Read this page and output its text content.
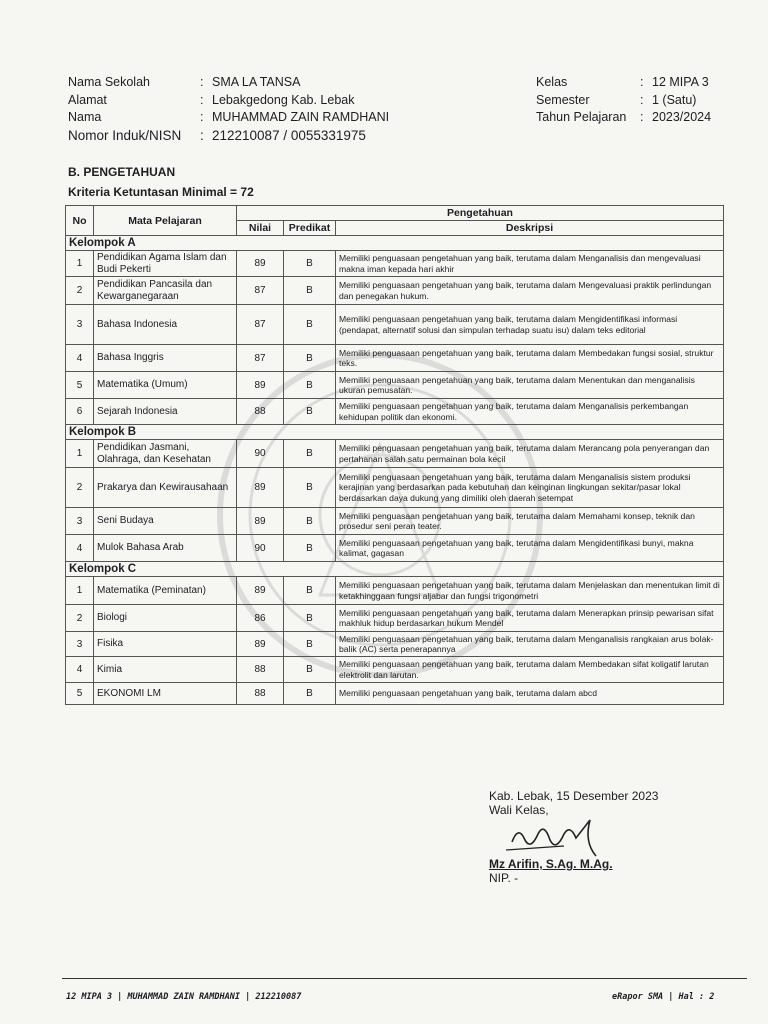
Nama Sekolah	: SMA LA TANSA
Alamat	: Lebakgedong Kab. Lebak
Nama	: MUHAMMAD ZAIN RAMDHANI
Nomor Induk/NISN	: 212210087 / 0055331975
Kelas	: 12 MIPA 3
Semester	: 1 (Satu)
Tahun Pelajaran	: 2023/2024
B. PENGETAHUAN
Kriteria Ketuntasan Minimal = 72
No	Mata Pelajaran	Pengetahuan		
		Nilai	Predikat	Deskripsi
Kelompok A				
1	Pendidikan Agama Islam dan Budi Pekerti	89	B	Memiliki penguasaan pengetahuan yang baik, terutama dalam Menganalisis dan mengevaluasi makna iman kepada hari akhir
2	Pendidikan Pancasila dan Kewarganegaraan	87	B	Memiliki penguasaan pengetahuan yang baik, terutama dalam Mengevaluasi praktik perlindungan dan penegakan hukum.
3	Bahasa Indonesia	87	B	Memiliki penguasaan pengetahuan yang baik, terutama dalam Mengidentifikasi informasi (pendapat, alternatif solusi dan simpulan terhadap suatu isu) dalam teks editorial
4	Bahasa Inggris	87	B	Memiliki penguasaan pengetahuan yang baik, terutama dalam Membedakan fungsi sosial, struktur teks.
5	Matematika (Umum)	89	B	Memiliki penguasaan pengetahuan yang baik, terutama dalam Menentukan dan menganalisis ukuran pemusatan.
6	Sejarah Indonesia	88	B	Memiliki penguasaan pengetahuan yang baik, terutama dalam Menganalisis perkembangan kehidupan politik dan ekonomi.
Kelompok B				
1	Pendidikan Jasmani, Olahraga, dan Kesehatan	90	B	Memiliki penguasaan pengetahuan yang baik, terutama dalam Merancang pola penyerangan dan pertahanan salah satu permainan bola kecil
2	Prakarya dan Kewirausahaan	89	B	Memiliki penguasaan pengetahuan yang baik, terutama dalam Menganalisis sistem produksi kerajinan yang berdasarkan pada kebutuhan dan keinginan lingkungan sekitar/pasar lokal berdasarkan daya dukung yang dimiliki oleh daerah setempat
3	Seni Budaya	89	B	Memiliki penguasaan pengetahuan yang baik, terutama dalam Memahami konsep, teknik dan prosedur seni peran teater.
4	Mulok Bahasa Arab	90	B	Memiliki penguasaan pengetahuan yang baik, terutama dalam Mengidentifikasi bunyi, makna kalimat, gagasan
Kelompok C				
1	Matematika (Peminatan)	89	B	Memiliki penguasaan pengetahuan yang baik, terutama dalam Menjelaskan dan menentukan limit di ketakhinggaan fungsi aljabar dan fungsi trigonometri
2	Biologi	86	B	Memiliki penguasaan pengetahuan yang baik, terutama dalam Menerapkan prinsip pewarisan sifat makhluk hidup berdasarkan hukum Mendel
3	Fisika	89	B	Memiliki penguasaan pengetahuan yang baik, terutama dalam Menganalisis rangkaian arus bolak-balik (AC) serta penerapannya
4	Kimia	88	B	Memiliki penguasaan pengetahuan yang baik, terutama dalam Membedakan sifat koligatif larutan elektrolit dan larutan.
5	EKONOMI LM	88	B	Memiliki penguasaan pengetahuan yang baik, terutama dalam abcd
Kab. Lebak, 15 Desember 2023
Wali Kelas,
Mz Arifin, S.Ag. M.Ag.
NIP. -
12 MIPA 3 | MUHAMMAD ZAIN RAMDHANI | 212210087	eRapor SMA | Hal : 2
